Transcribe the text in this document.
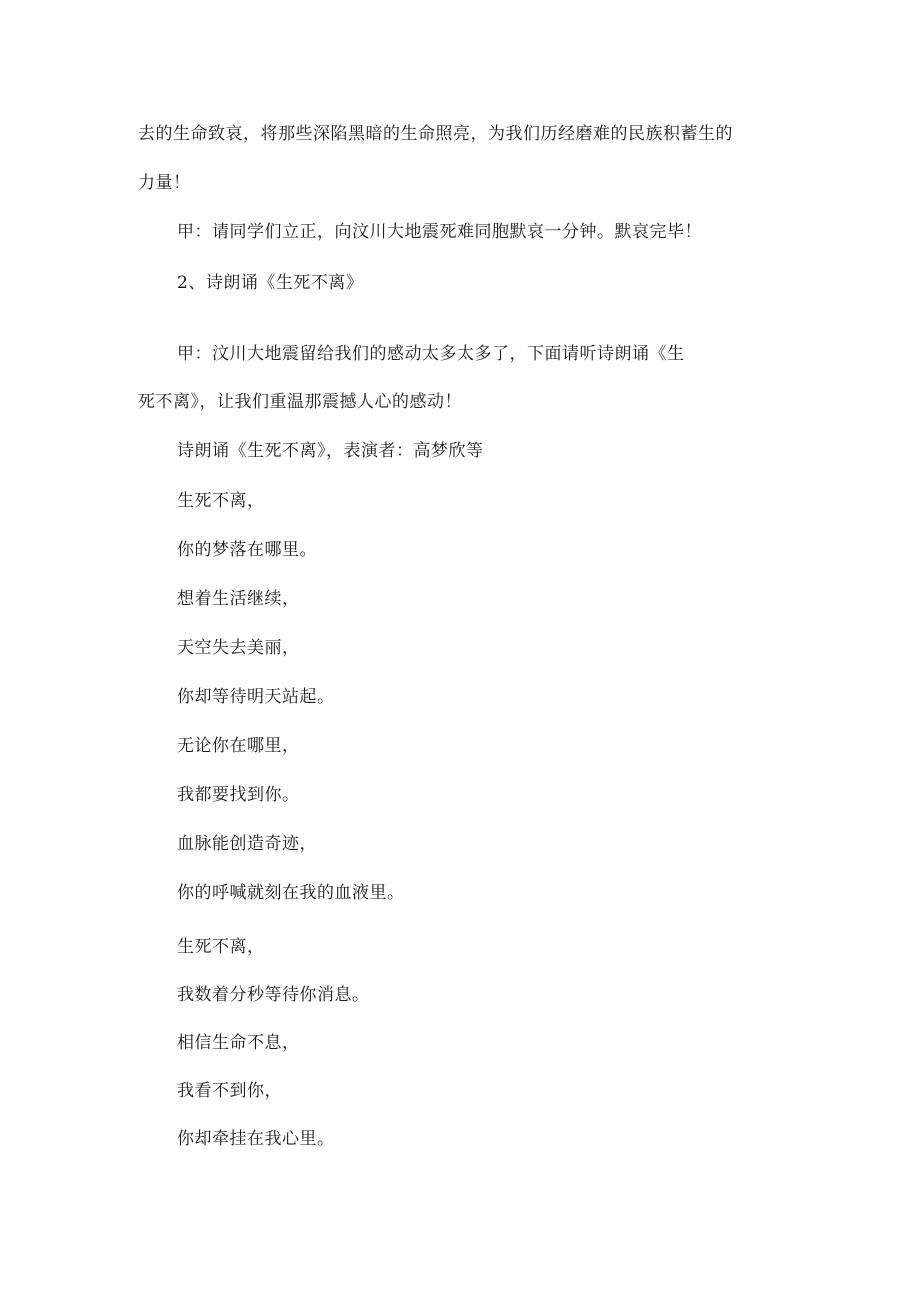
去的生命致哀，将那些深陷黑暗的生命照亮，为我们历经磨难的民族积蓄生的
力量！
甲：请同学们立正，向汶川大地震死难同胞默哀一分钟。默哀完毕！
2、诗朗诵《生死不离》
甲：汶川大地震留给我们的感动太多太多了，下面请听诗朗诵《生
死不离》，让我们重温那震撼人心的感动！
诗朗诵《生死不离》，表演者：高梦欣等
生死不离，
你的梦落在哪里。
想着生活继续，
天空失去美丽，
你却等待明天站起。
无论你在哪里，
我都要找到你。
血脉能创造奇迹，
你的呼喊就刻在我的血液里。
生死不离，
我数着分秒等待你消息。
相信生命不息，
我看不到你，
你却牵挂在我心里。
